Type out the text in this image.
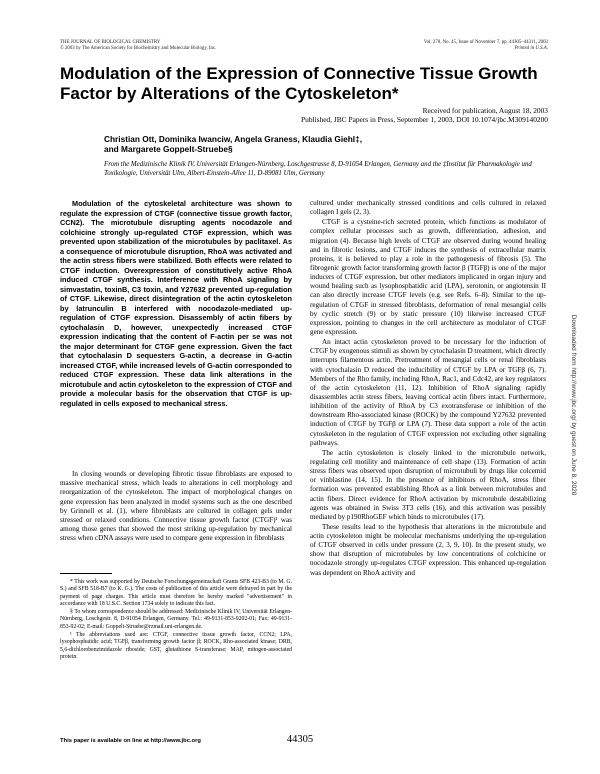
THE JOURNAL OF BIOLOGICAL CHEMISTRY
© 2003 by The American Society for Biochemistry and Molecular Biology, Inc.
Vol. 278, No. 45, Issue of November 7, pp. 44305–44311, 2003
Printed in U.S.A.
Modulation of the Expression of Connective Tissue Growth Factor by Alterations of the Cytoskeleton*
Received for publication, August 18, 2003
Published, JBC Papers in Press, September 1, 2003, DOI 10.1074/jbc.M309140200
Christian Ott, Dominika Iwanciw, Angela Graness, Klaudia Giehl‡,
and Margarete Goppelt-Struebe§
From the Medizinische Klinik IV, Universität Erlangen-Nürnberg, Loschgestrasse 8, D-91054 Erlangen, Germany and the ‡Institut für Pharmakologie und Toxikologie, Universität Ulm, Albert-Einstein-Allee 11, D-89081 Ulm, Germany

Modulation of the cytoskeletal architecture was shown to regulate the expression of CTGF (connective tissue growth factor, CCN2). The microtubule disrupting agents nocodazole and colchicine strongly up-regulated CTGF expression, which was prevented upon stabilization of the microtubules by paclitaxel. As a consequence of microtubule disruption, RhoA was activated and the actin stress fibers were stabilized. Both effects were related to CTGF induction. Overexpression of constitutively active RhoA induced CTGF synthesis. Interference with RhoA signaling by simvastatin, toxinB, C3 toxin, and Y27632 prevented up-regulation of CTGF. Likewise, direct disintegration of the actin cytoskeleton by latrunculin B interfered with nocodazole-mediated up-regulation of CTGF expression. Disassembly of actin fibers by cytochalasin D, however, unexpectedly increased CTGF expression indicating that the content of F-actin per se was not the major determinant for CTGF gene expression. Given the fact that cytochalasin D sequesters G-actin, a decrease in G-actin increased CTGF, while increased levels of G-actin corresponded to reduced CTGF expression. These data link alterations in the microtubule and actin cytoskeleton to the expression of CTGF and provide a molecular basis for the observation that CTGF is up-regulated in cells exposed to mechanical stress.

In closing wounds or developing fibrotic tissue fibroblasts are exposed to massive mechanical stress, which leads to alterations in cell morphology and reorganization of the cytoskeleton. The impact of morphological changes on gene expression has been analyzed in model systems such as the one described by Grinnell et al. (1), where fibroblasts are cultured in collagen gels under stressed or relaxed conditions. Connective tissue growth factor (CTGF)¹ was among those genes that showed the most striking up-regulation by mechanical stress when cDNA assays were used to compare gene expression in fibroblasts

* This work was supported by Deutsche Forschungsgemeinschaft Grants SFB 423-B3 (to M. G. S.) and SFB 518-B7 (to K. G.). The costs of publication of this article were defrayed in part by the payment of page charges. This article must therefore be hereby marked "advertisement" in accordance with 18 U.S.C. Section 1734 solely to indicate this fact.

§ To whom correspondence should be addressed: Medizinische Klinik IV, Universität Erlangen-Nürnberg, Loschgestr. 8, D-91054 Erlangen, Germany. Tel.: 49-9131-853-9202-01; Fax: 49-9131-853-92-02; E-mail: Goppelt-Struebe@rzmail.uni-erlangen.de.

¹ The abbreviations used are: CTGF, connective tissue growth factor, CCN2; LPA, lysophosphatidic acid; TGFβ, transforming growth factor β; ROCK, Rho-associated kinase; DRB, 5,6-dichlorobenzimidazole riboside; GST, glutathione S-transferase; MAP, mitogen-associated protein.

This paper is available on line at http://www.jbc.org	44305

cultured under mechanically stressed conditions and cells cultured in relaxed collagen I gels (2, 3).

CTGF is a cysteine-rich secreted protein, which functions as modulator of complex cellular processes such as growth, differentiation, adhesion, and migration (4). Because high levels of CTGF are observed during wound healing and in fibrotic lesions, and CTGF induces the synthesis of extracellular matrix proteins, it is believed to play a role in the pathogenesis of fibrosis (5). The fibrogenic growth factor transforming growth factor β (TGFβ) is one of the major inducers of CTGF expression, but other mediators implicated in organ injury and wound healing such as lysophosphatidic acid (LPA), serotonin, or angiotensin II can also directly increase CTGF levels (e.g. see Refs. 6–8). Similar to the up-regulation of CTGF in stressed fibroblasts, deformation of renal mesangial cells by cyclic stretch (9) or by static pressure (10) likewise increased CTGF expression, pointing to changes in the cell architecture as modulator of CTGF gene expression.

An intact actin cytoskeleton proved to be necessary for the induction of CTGF by exogenous stimuli as shown by cytochalasin D treatment, which directly interrupts filamentous actin. Pretreatment of mesangial cells or renal fibroblasts with cytochalasin D reduced the inducibility of CTGF by LPA or TGFβ (6, 7). Members of the Rho family, including RhoA, Rac1, and Cdc42, are key regulators of the actin cytoskeleton (11, 12). Inhibition of RhoA signaling rapidly disassembles actin stress fibers, leaving cortical actin fibers intact. Furthermore, inhibition of the activity of RhoA by C3 exotransferase or inhibition of the downstream Rho-associated kinase (ROCK) by the compound Y27632 prevented induction of CTGF by TGFβ or LPA (7). These data support a role of the actin cytoskeleton in the regulation of CTGF expression not excluding other signaling pathways.

The actin cytoskeleton is closely linked to the microtubule network, regulating cell motility and maintenance of cell shape (13). Formation of actin stress fibers was observed upon disruption of microtubuli by drugs like colcemid or vinblastine (14, 15). In the presence of inhibitors of RhoA, stress fiber formation was prevented establishing RhoA as a link between microtubules and actin fibers. Direct evidence for RhoA activation by microtubule destabilizing agents was obtained in Swiss 3T3 cells (16), and this activation was possibly mediated by p190RhoGEF which binds to microtubules (17).

These results lead to the hypothesis that alterations in the microtubule and actin cytoskeleton might be molecular mechanisms underlying the up-regulation of CTGF observed in cells under pressure (2, 3, 9, 10). In the present study, we show that disruption of microtubules by low concentrations of colchicine or nocodazole strongly up-regulates CTGF expression. This enhanced up-regulation was dependent on RhoA activity and

Downloaded from http://www.jbc.org/ by guest on June 8, 2020
